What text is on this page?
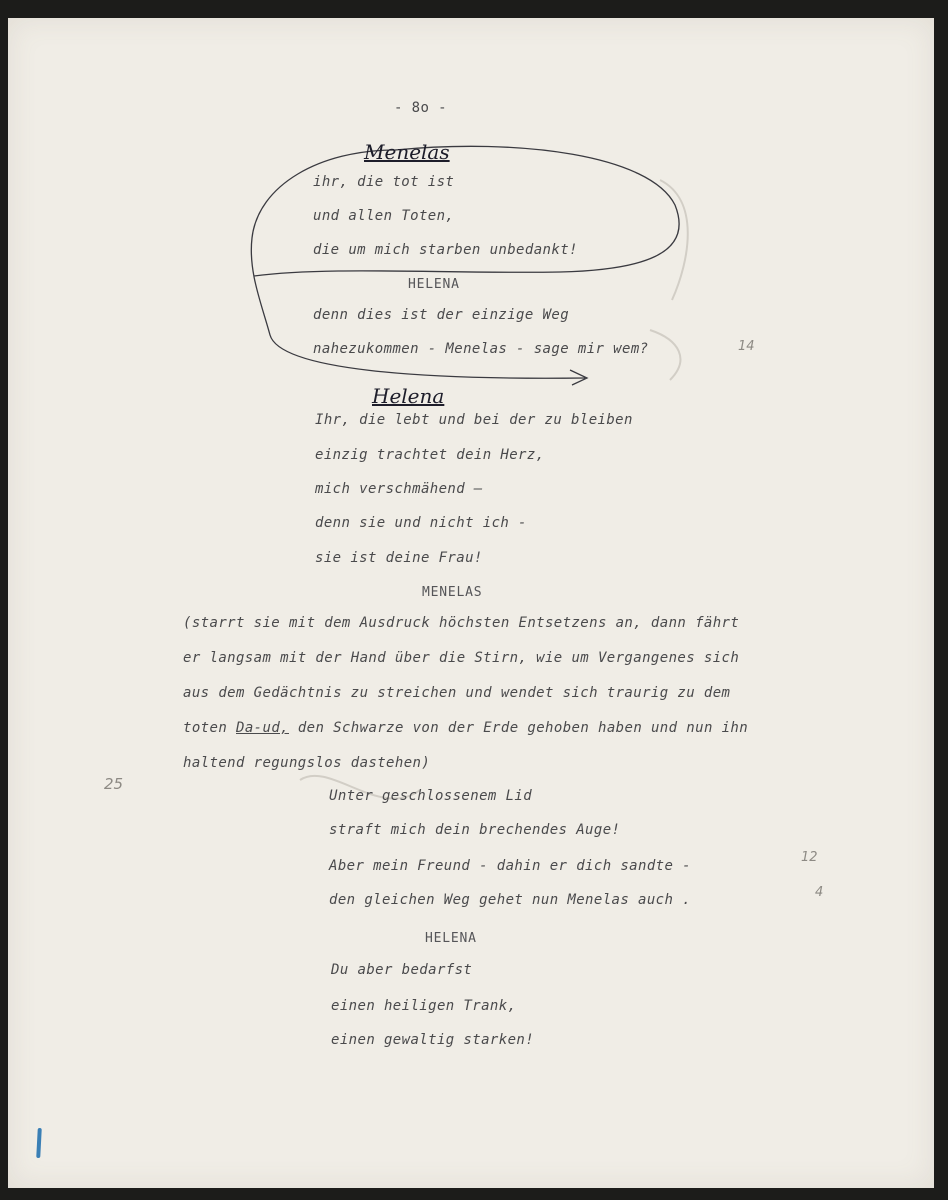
- 8o -
Menelas
ihr, die tot ist
und allen Toten,
die um mich starben unbedankt!
HELENA
denn dies ist der einzige Weg
nahezukommen - Menelas - sage mir wem?	14
Helena
Ihr, die lebt und bei der zu bleiben
einzig trachtet dein Herz,
mich verschmähend —
denn sie und nicht ich -
sie ist deine Frau!
MENELAS
(starrt sie mit dem Ausdruck höchsten Entsetzens an, dann fährt
er langsam mit der Hand über die Stirn, wie um Vergangenes sich
aus dem Gedächtnis zu streichen und wendet sich traurig zu dem
toten Da-ud, den Schwarze von der Erde gehoben haben und nun ihn
haltend regungslos dastehen)
25
Unter geschlossenem Lid
straft mich dein brechendes Auge!
Aber mein Freund - dahin er dich sandte -
den gleichen Weg gehet nun Menelas auch .
12
4
HELENA
Du aber bedarfst
einen heiligen Trank,
einen gewaltig starken!
